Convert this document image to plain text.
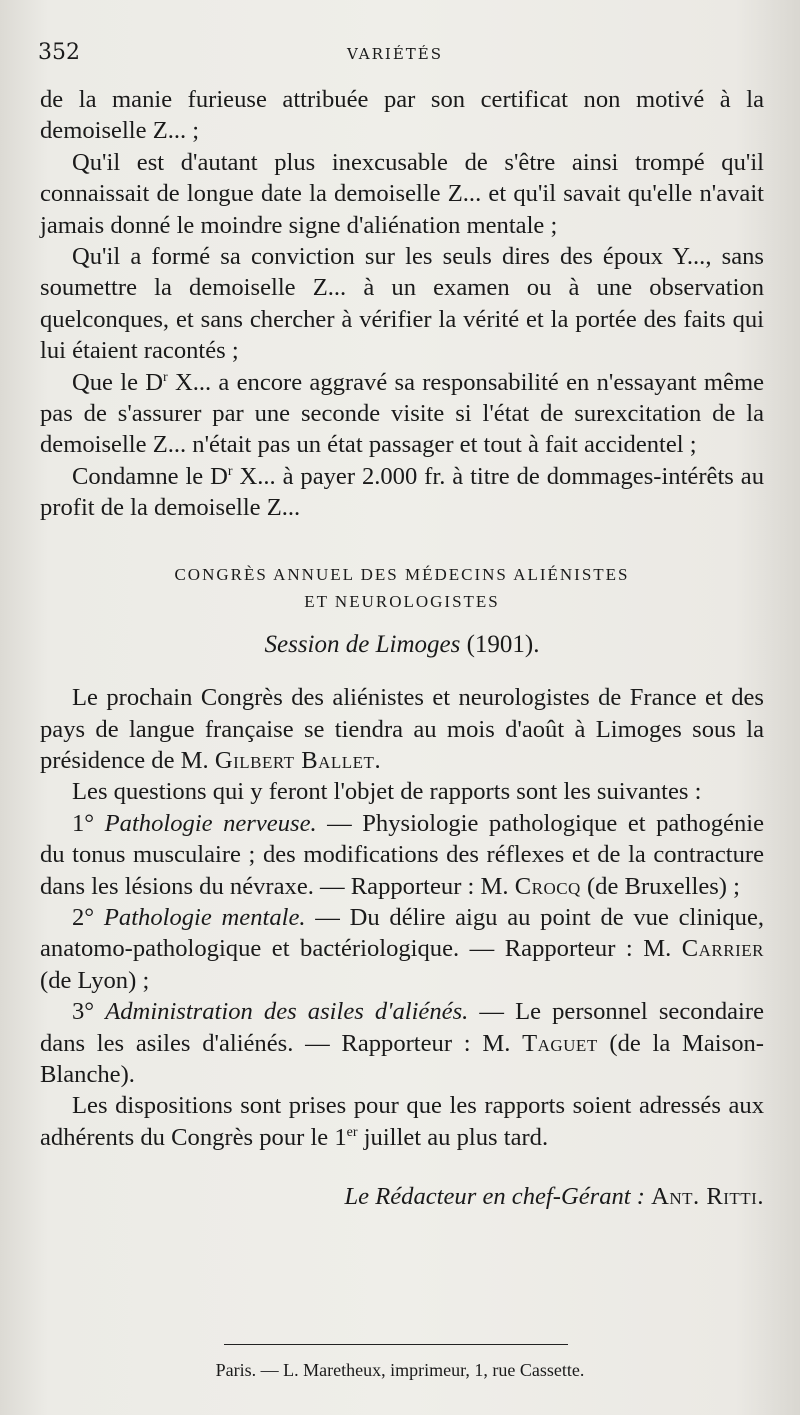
352	VARIÉTÉS

de la manie furieuse attribuée par son certificat non motivé à la demoiselle Z... ;

Qu'il est d'autant plus inexcusable de s'être ainsi trompé qu'il connaissait de longue date la demoiselle Z... et qu'il savait qu'elle n'avait jamais donné le moindre signe d'aliénation mentale ;

Qu'il a formé sa conviction sur les seuls dires des époux Y..., sans soumettre la demoiselle Z... à un examen ou à une observation quelconques, et sans chercher à vérifier la vérité et la portée des faits qui lui étaient racontés ;

Que le $D^r$ X... a encore aggravé sa responsabilité en n'essayant même pas de s'assurer par une seconde visite si l'état de surexcitation de la demoiselle Z... n'était pas un état passager et tout à fait accidentel ;

Condamne le $D^r$ X... à payer 2.000 fr. à titre de dommages-intérêts au profit de la demoiselle Z...

CONGRÈS ANNUEL DES MÉDECINS ALIÉNISTES

ET NEUROLOGISTES

Session de Limoges (1901).

Le prochain Congrès des aliénistes et neurologistes de France et des pays de langue française se tiendra au mois d'août à Limoges sous la présidence de M. Gilbert Ballet.

Les questions qui y feront l'objet de rapports sont les suivantes :

1° Pathologie nerveuse. — Physiologie pathologique et pathogénie du tonus musculaire ; des modifications des réflexes et de la contracture dans les lésions du névraxe. — Rapporteur : M. Crocq (de Bruxelles) ;

2° Pathologie mentale. — Du délire aigu au point de vue clinique, anatomo-pathologique et bactériologique. — Rapporteur : M. Carrier (de Lyon) ;

3° Administration des asiles d'aliénés. — Le personnel secondaire dans les asiles d'aliénés. — Rapporteur : M. Taguet (de la Maison-Blanche).

Les dispositions sont prises pour que les rapports soient adressés aux adhérents du Congrès pour le 1er juillet au plus tard.

Le Rédacteur en chef-Gérant : Ant. Ritti.

Paris. — L. Maretheux, imprimeur, 1, rue Cassette.
